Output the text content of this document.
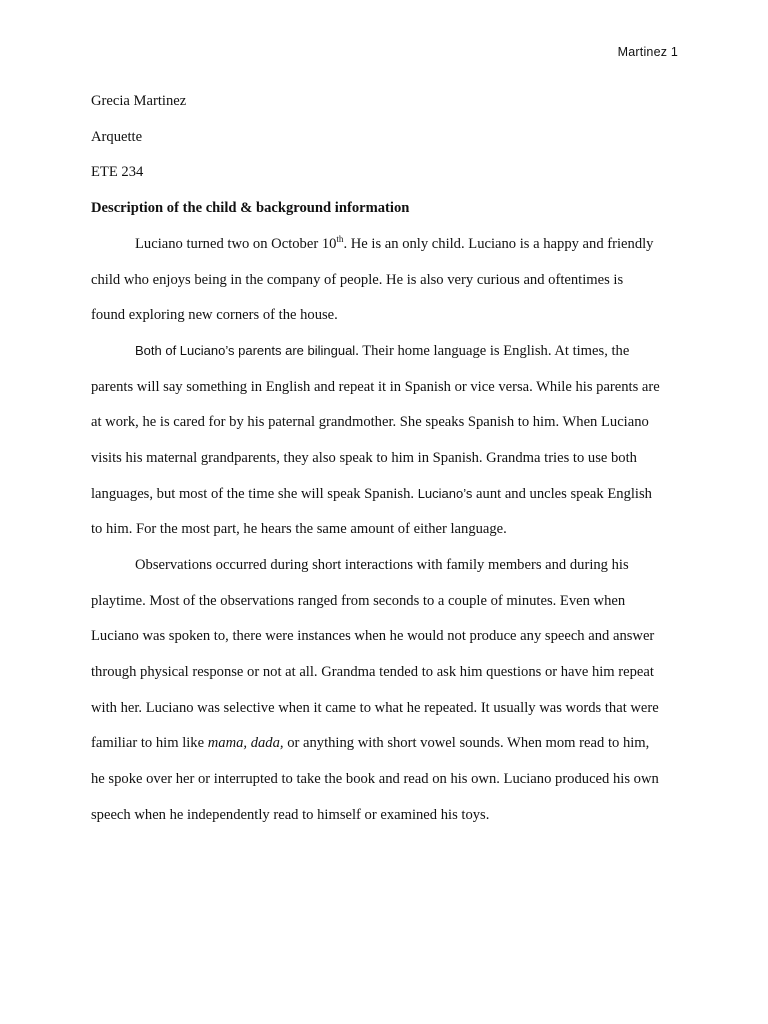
Martinez 1
Grecia Martinez
Arquette
ETE 234
Description of the child & background information
Luciano turned two on October 10th. He is an only child. Luciano is a happy and friendly
child who enjoys being in the company of people. He is also very curious and oftentimes is
found exploring new corners of the house.
Both of Luciano’s parents are bilingual. Their home language is English. At times, the
parents will say something in English and repeat it in Spanish or vice versa. While his parents are
at work, he is cared for by his paternal grandmother. She speaks Spanish to him. When Luciano
visits his maternal grandparents, they also speak to him in Spanish. Grandma tries to use both
languages, but most of the time she will speak Spanish. Luciano’s aunt and uncles speak English
to him. For the most part, he hears the same amount of either language.
Observations occurred during short interactions with family members and during his
playtime. Most of the observations ranged from seconds to a couple of minutes. Even when
Luciano was spoken to, there were instances when he would not produce any speech and answer
through physical response or not at all. Grandma tended to ask him questions or have him repeat
with her. Luciano was selective when it came to what he repeated. It usually was words that were
familiar to him like mama, dada, or anything with short vowel sounds. When mom read to him,
he spoke over her or interrupted to take the book and read on his own. Luciano produced his own
speech when he independently read to himself or examined his toys.
